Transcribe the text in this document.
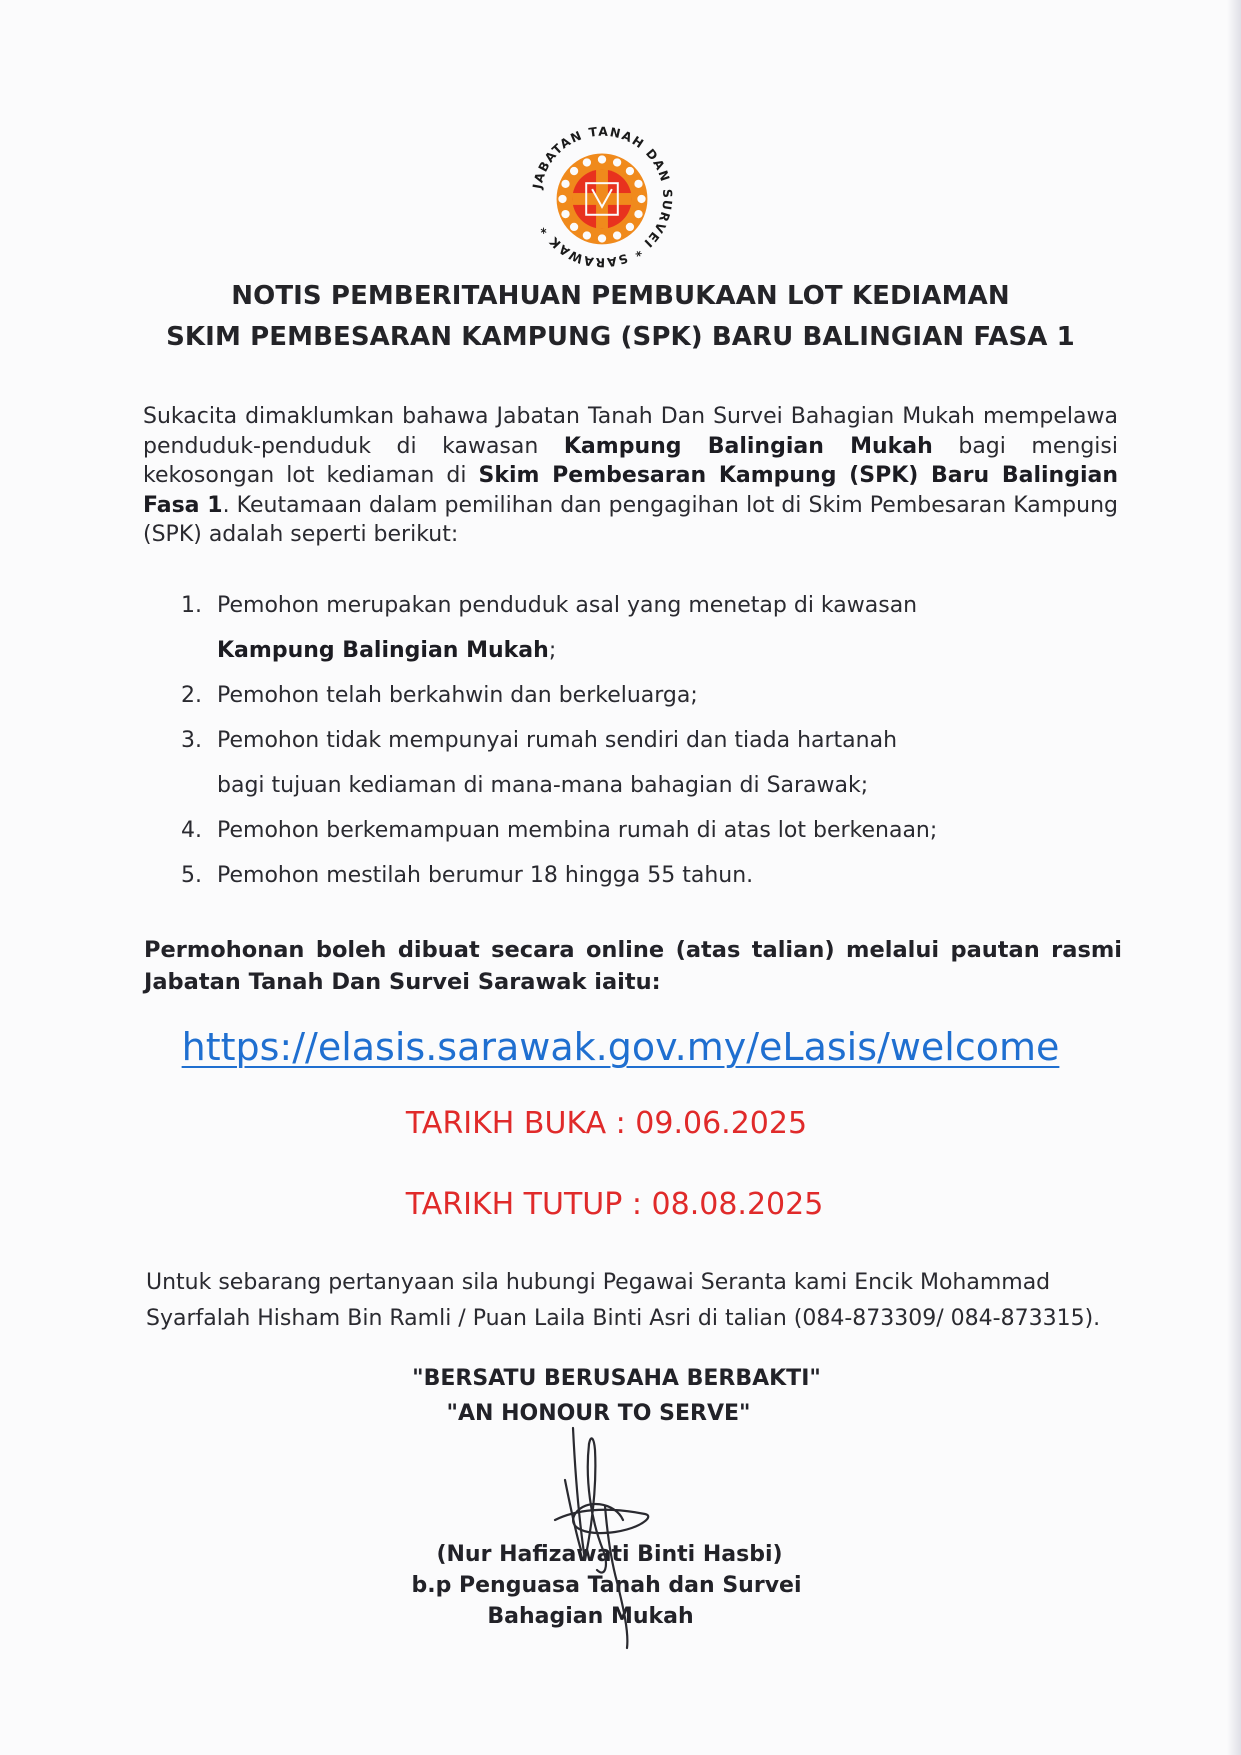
JABATAN TANAH DAN SURVEI * SARAWAK *
NOTIS PEMBERITAHUAN PEMBUKAAN LOT KEDIAMAN
SKIM PEMBESARAN KAMPUNG (SPK) BARU BALINGIAN FASA 1
Sukacita dimaklumkan bahawa Jabatan Tanah Dan Survei Bahagian Mukah mempelawa penduduk-penduduk di kawasan Kampung Balingian Mukah bagi mengisi kekosongan lot kediaman di Skim Pembesaran Kampung (SPK) Baru Balingian Fasa 1. Keutamaan dalam pemilihan dan pengagihan lot di Skim Pembesaran Kampung (SPK) adalah seperti berikut:
1. Pemohon merupakan penduduk asal yang menetap di kawasan
Kampung Balingian Mukah;
2. Pemohon telah berkahwin dan berkeluarga;
3. Pemohon tidak mempunyai rumah sendiri dan tiada hartanah bagi tujuan kediaman di mana-mana bahagian di Sarawak;
4. Pemohon berkemampuan membina rumah di atas lot berkenaan;
5. Pemohon mestilah berumur 18 hingga 55 tahun.
Permohonan boleh dibuat secara online (atas talian) melalui pautan rasmi Jabatan Tanah Dan Survei Sarawak iaitu:
https://elasis.sarawak.gov.my/eLasis/welcome
TARIKH BUKA : 09.06.2025
TARIKH TUTUP : 08.08.2025
Untuk sebarang pertanyaan sila hubungi Pegawai Seranta kami Encik Mohammad Syarfalah Hisham Bin Ramli / Puan Laila Binti Asri di talian (084-873309/ 084-873315).
"BERSATU BERUSAHA BERBAKTI"
"AN HONOUR TO SERVE"
(Nur Hafizawati Binti Hasbi)
b.p Penguasa Tanah dan Survei
Bahagian Mukah
